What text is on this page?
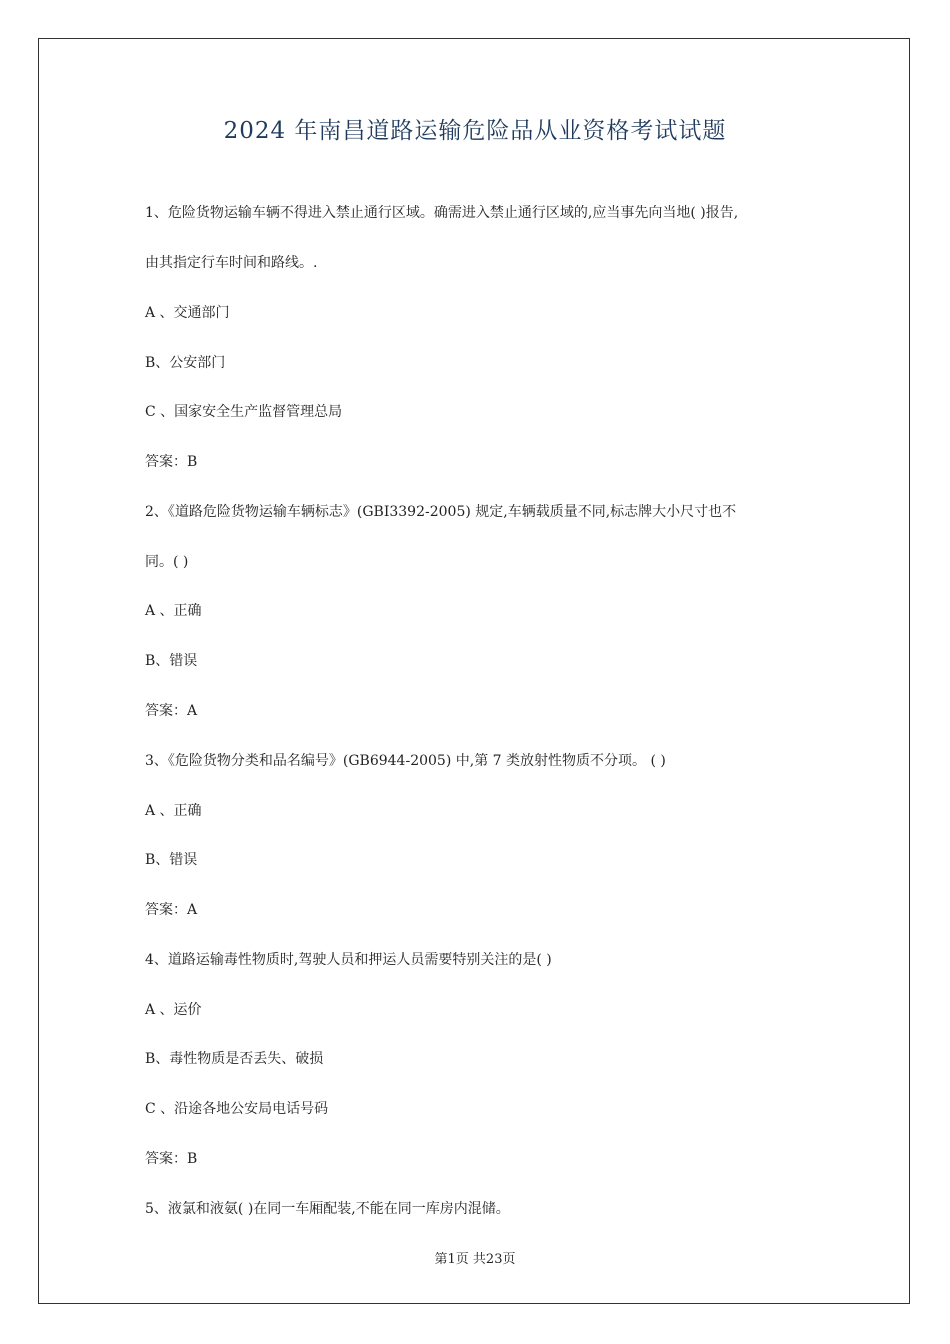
2024 年南昌道路运输危险品从业资格考试试题
1、危险货物运输车辆不得进入禁止通行区域。确需进入禁止通行区域的,应当事先向当地( )报告,
由其指定行车时间和路线。.
A 、交通部门
B、公安部门
C 、国家安全生产监督管理总局
答案：B
2、《道路危险货物运输车辆标志》(GBI3392-2005) 规定,车辆载质量不同,标志牌大小尺寸也不
同。( )
A 、正确
B、错误
答案：A
3、《危险货物分类和品名编号》(GB6944-2005) 中,第 7 类放射性物质不分项。 ( )
A 、正确
B、错误
答案：A
4、道路运输毒性物质时,驾驶人员和押运人员需要特别关注的是( )
A 、运价
B、毒性物质是否丢失、破损
C 、沿途各地公安局电话号码
答案：B
5、液氯和液氨( )在同一车厢配装,不能在同一库房内混储。
第1页 共23页
